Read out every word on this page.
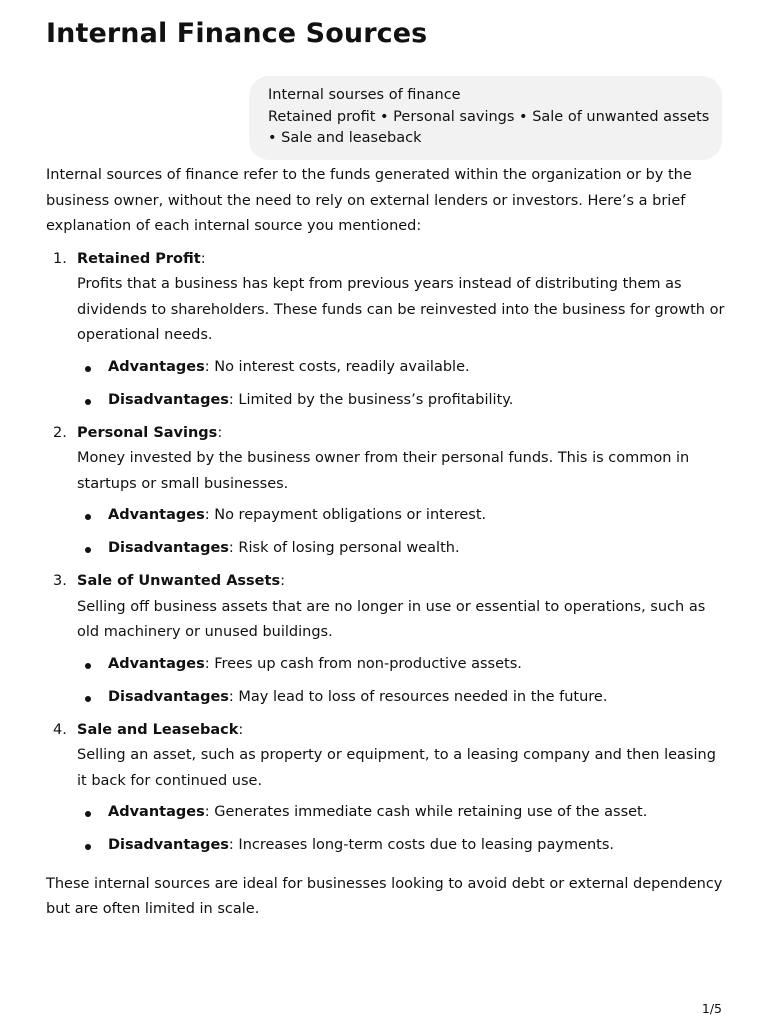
Internal Finance Sources
Internal sourses of finance
Retained profit • Personal savings • Sale of unwanted assets
• Sale and leaseback

Internal sources of finance refer to the funds generated within the organization or by the business owner, without the need to rely on external lenders or investors. Here’s a brief explanation of each internal source you mentioned:

1. Retained Profit:
Profits that a business has kept from previous years instead of distributing them as dividends to shareholders. These funds can be reinvested into the business for growth or operational needs.
Advantages: No interest costs, readily available.
Disadvantages: Limited by the business’s profitability.
2. Personal Savings:
Money invested by the business owner from their personal funds. This is common in startups or small businesses.
Advantages: No repayment obligations or interest.
Disadvantages: Risk of losing personal wealth.
3. Sale of Unwanted Assets:
Selling off business assets that are no longer in use or essential to operations, such as old machinery or unused buildings.
Advantages: Frees up cash from non-productive assets.
Disadvantages: May lead to loss of resources needed in the future.
4. Sale and Leaseback:
Selling an asset, such as property or equipment, to a leasing company and then leasing it back for continued use.
Advantages: Generates immediate cash while retaining use of the asset.
Disadvantages: Increases long-term costs due to leasing payments.

These internal sources are ideal for businesses looking to avoid debt or external dependency but are often limited in scale.

1/5
